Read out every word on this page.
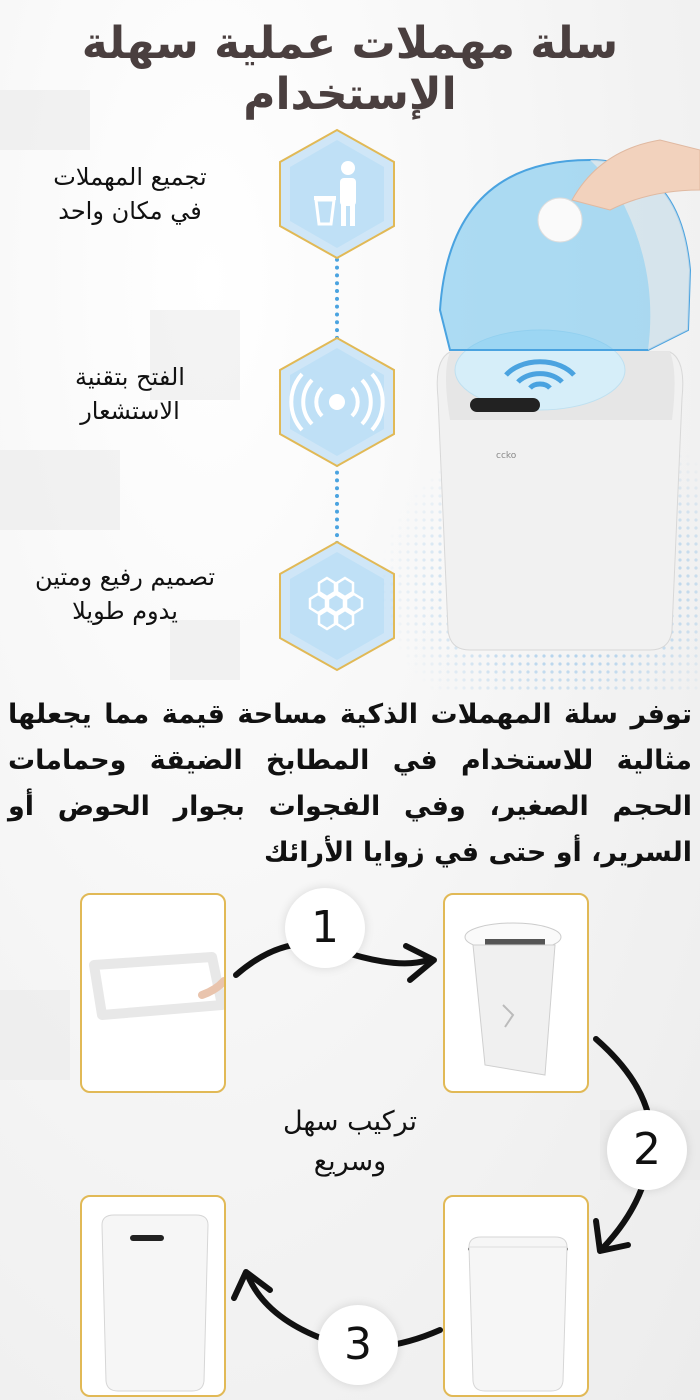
سلة مهملات عملية سهلة الإستخدام
تجميع المهملات
في مكان واحد
الفتح بتقنية
الاستشعار
تصميم رفيع ومتين
يدوم طويلا
ccko
توفر سلة المهملات الذكية مساحة قيمة مما يجعلها مثالية للاستخدام في المطابخ الضيقة وحمامات الحجم الصغير، وفي الفجوات بجوار الحوض أو السرير، أو حتى في زوايا الأرائك
1
2
3
تركيب سهل
وسريع
